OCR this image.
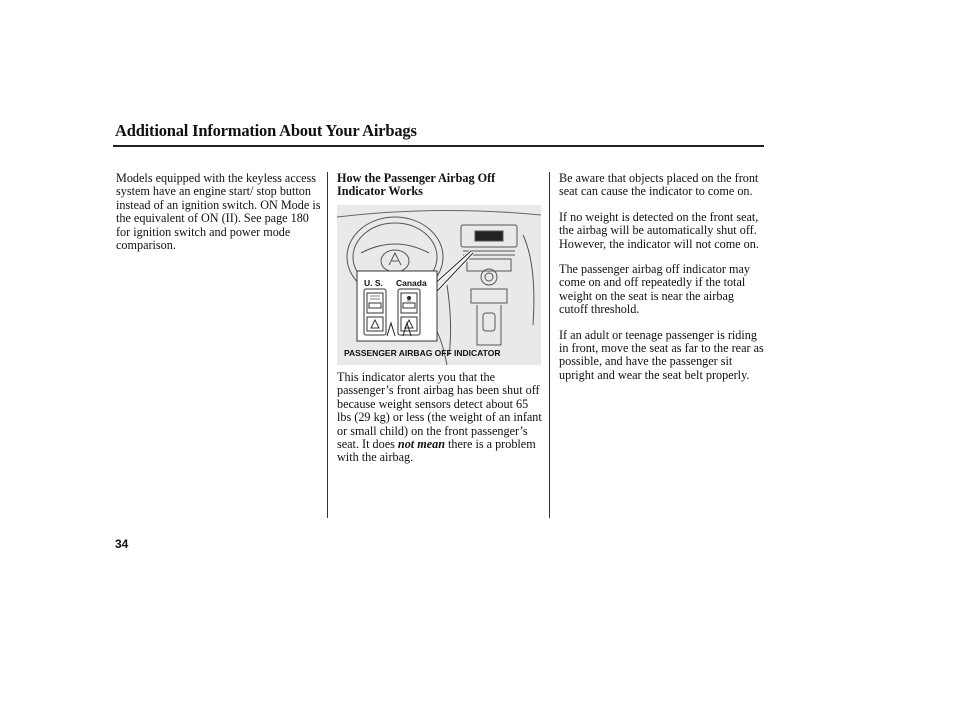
Additional Information About Your Airbags

Models equipped with the keyless access system have an engine start/ stop button instead of an ignition switch. ON Mode is the equivalent of ON (II). See page 180 for ignition switch and power mode comparison.

How the Passenger Airbag Off Indicator Works

U. S. Canada
PASSENGER AIRBAG OFF INDICATOR
This indicator alerts you that the passenger’s front airbag has been shut off because weight sensors detect about 65 lbs (29 kg) or less (the weight of an infant or small child) on the front passenger’s seat. It does not mean there is a problem with the airbag.

Be aware that objects placed on the front seat can cause the indicator to come on.

If no weight is detected on the front seat, the airbag will be automatically shut off. However, the indicator will not come on.

The passenger airbag off indicator may come on and off repeatedly if the total weight on the seat is near the airbag cutoff threshold.

If an adult or teenage passenger is riding in front, move the seat as far to the rear as possible, and have the passenger sit upright and wear the seat belt properly.

34
